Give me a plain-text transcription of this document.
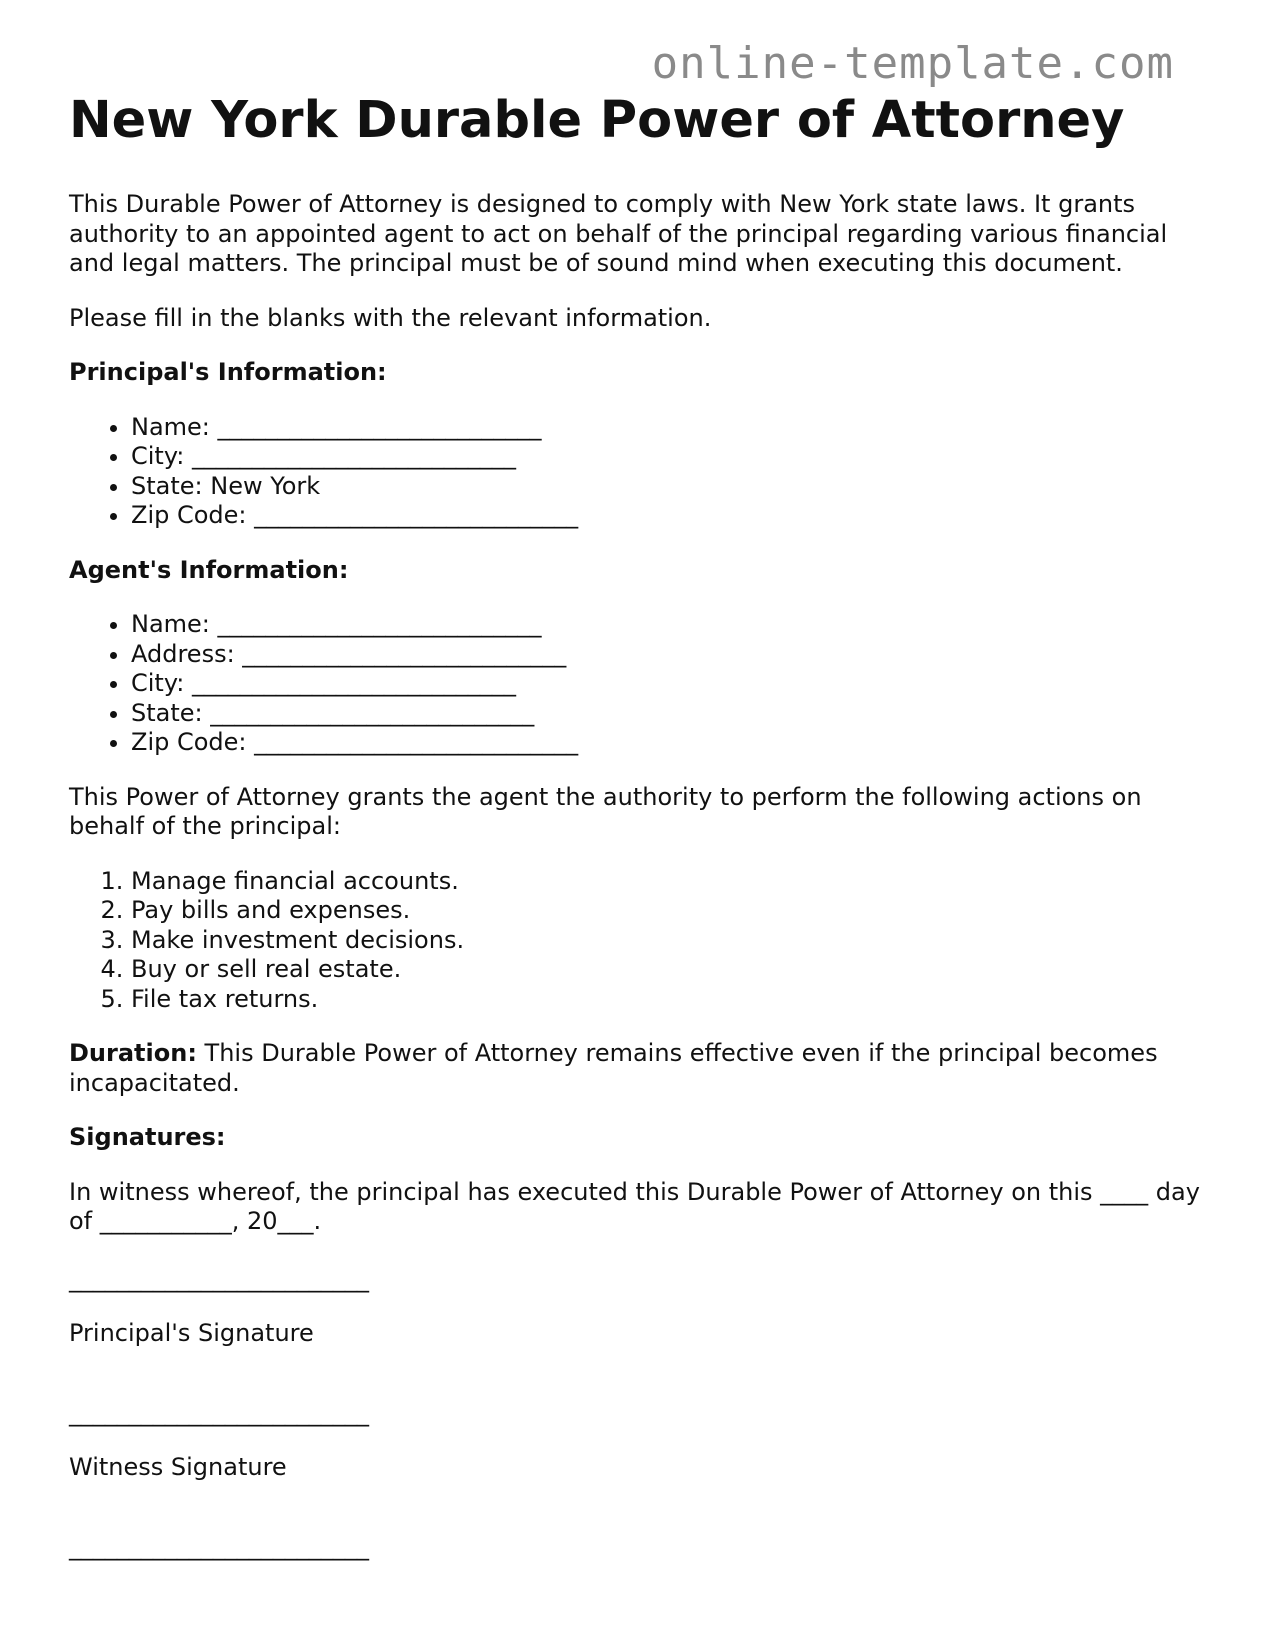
online-template.com
New York Durable Power of Attorney

This Durable Power of Attorney is designed to comply with New York state laws. It grants authority to an appointed agent to act on behalf of the principal regarding various financial and legal matters. The principal must be of sound mind when executing this document.

Please fill in the blanks with the relevant information.

Principal's Information:

• Name: ___________________________
• City: ___________________________
• State: New York
• Zip Code: ___________________________

Agent's Information:

• Name: ___________________________
• Address: ___________________________
• City: ___________________________
• State: ___________________________
• Zip Code: ___________________________

This Power of Attorney grants the agent the authority to perform the following actions on behalf of the principal:

1. Manage financial accounts.
2. Pay bills and expenses.
3. Make investment decisions.
4. Buy or sell real estate.
5. File tax returns.

Duration: This Durable Power of Attorney remains effective even if the principal becomes incapacitated.

Signatures:

In witness whereof, the principal has executed this Durable Power of Attorney on this ____ day of ___________, 20___.

_________________________

Principal's Signature

_________________________

Witness Signature

_________________________
